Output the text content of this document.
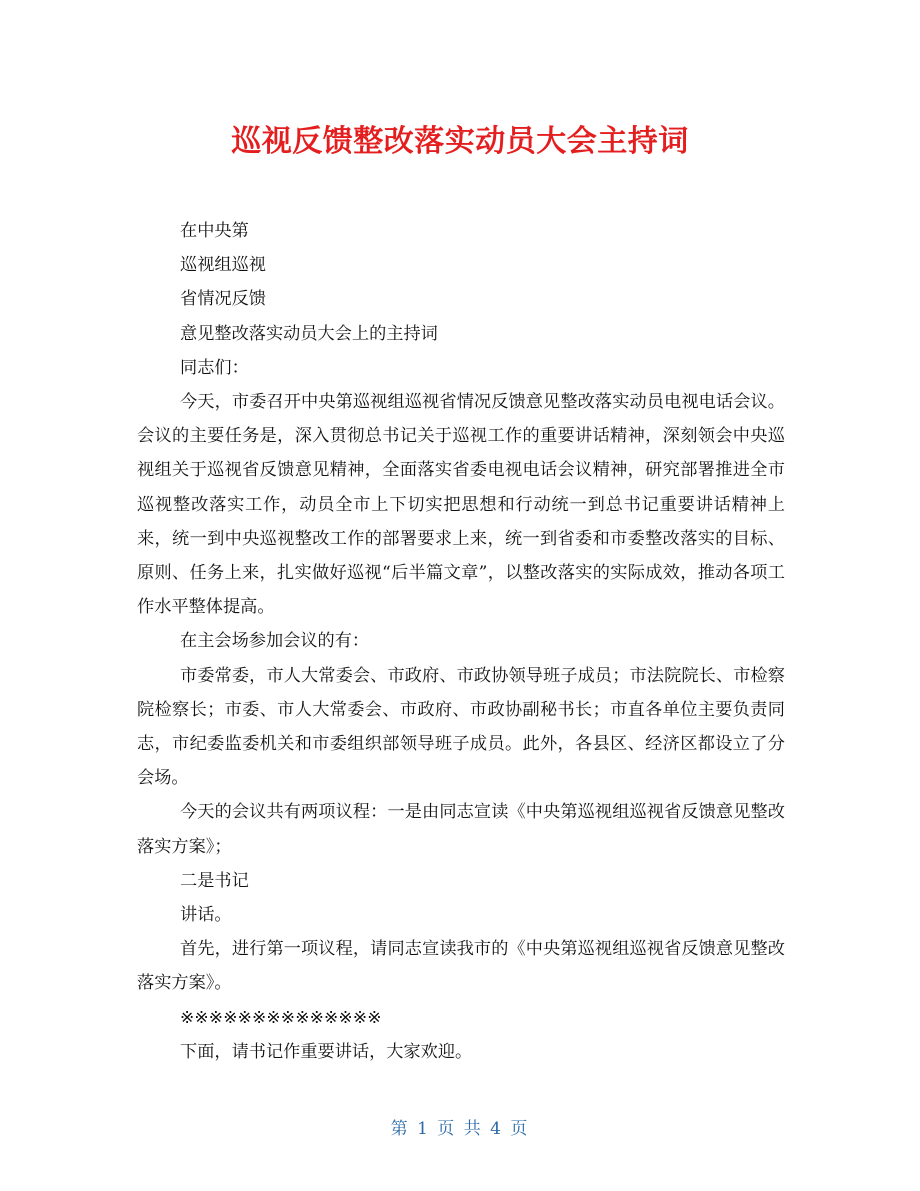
巡视反馈整改落实动员大会主持词

在中央第

巡视组巡视

省情况反馈

意见整改落实动员大会上的主持词

同志们：

今天，市委召开中央第巡视组巡视省情况反馈意见整改落实动员电视电话会议。会议的主要任务是，深入贯彻总书记关于巡视工作的重要讲话精神，深刻领会中央巡视组关于巡视省反馈意见精神，全面落实省委电视电话会议精神，研究部署推进全市巡视整改落实工作，动员全市上下切实把思想和行动统一到总书记重要讲话精神上来，统一到中央巡视整改工作的部署要求上来，统一到省委和市委整改落实的目标、原则、任务上来，扎实做好巡视“后半篇文章”，以整改落实的实际成效，推动各项工作水平整体提高。

在主会场参加会议的有：

市委常委，市人大常委会、市政府、市政协领导班子成员；市法院院长、市检察院检察长；市委、市人大常委会、市政府、市政协副秘书长；市直各单位主要负责同志，市纪委监委机关和市委组织部领导班子成员。此外，各县区、经济区都设立了分会场。

今天的会议共有两项议程：一是由同志宣读《中央第巡视组巡视省反馈意见整改落实方案》；

二是书记

讲话。

首先，进行第一项议程，请同志宣读我市的《中央第巡视组巡视省反馈意见整改落实方案》。

※※※※※※※※※※※※※※

下面，请书记作重要讲话，大家欢迎。

第 1 页 共 4 页
